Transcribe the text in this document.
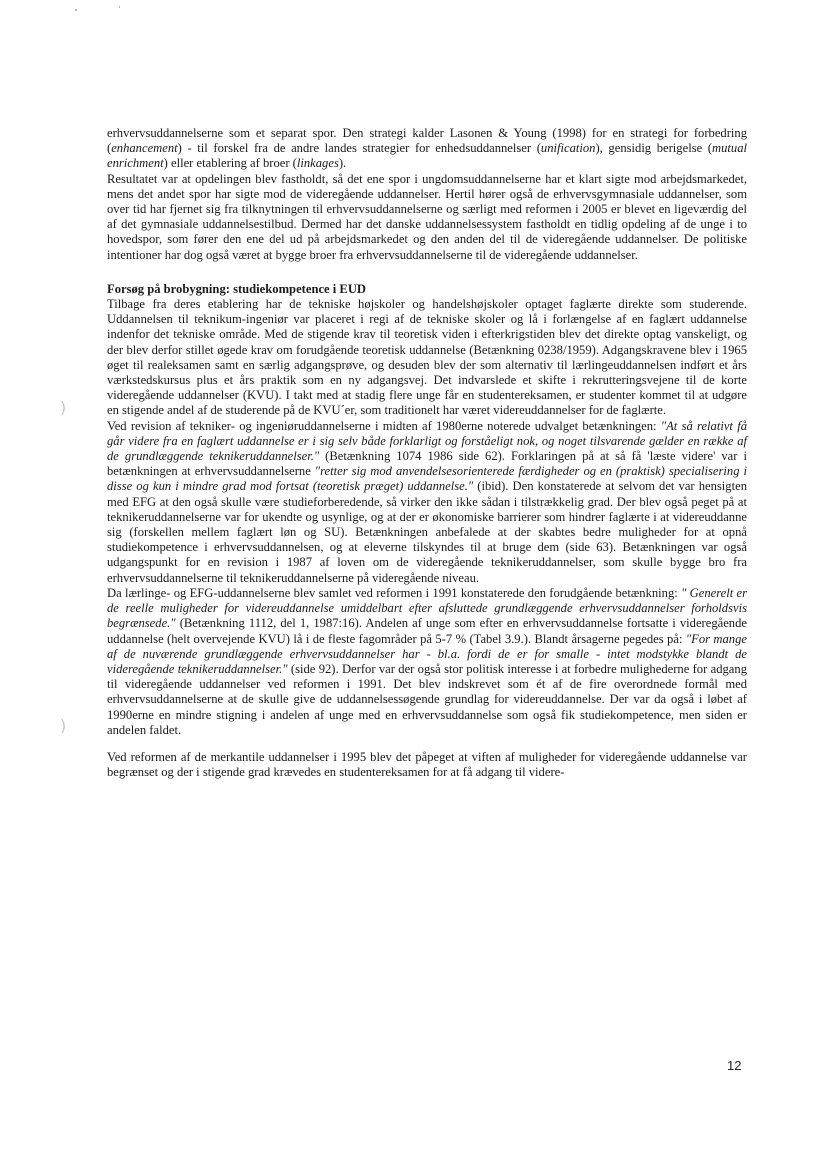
)
)

erhvervsuddannelserne som et separat spor. Den strategi kalder Lasonen & Young (1998) for en strategi for forbedring (enhancement) - til forskel fra de andre landes strategier for enhedsuddannelser (unification), gensidig berigelse (mutual enrichment) eller etablering af broer (linkages).

Resultatet var at opdelingen blev fastholdt, så det ene spor i ungdomsuddannelserne har et klart sigte mod arbejdsmarkedet, mens det andet spor har sigte mod de videregående uddannelser. Hertil hører også de erhvervsgymnasiale uddannelser, som over tid har fjernet sig fra tilknytningen til erhvervsuddannelserne og særligt med reformen i 2005 er blevet en ligeværdig del af det gymnasiale uddannelsestilbud. Dermed har det danske uddannelsessystem fastholdt en tidlig opdeling af de unge i to hovedspor, som fører den ene del ud på arbejdsmarkedet og den anden del til de videregående uddannelser. De politiske intentioner har dog også været at bygge broer fra erhvervsuddannelserne til de videregående uddannelser.

Forsøg på brobygning: studiekompetence i EUD

Tilbage fra deres etablering har de tekniske højskoler og handelshøjskoler optaget faglærte direkte som studerende. Uddannelsen til teknikum-ingeniør var placeret i regi af de tekniske skoler og lå i forlængelse af en faglært uddannelse indenfor det tekniske område. Med de stigende krav til teoretisk viden i efterkrigstiden blev det direkte optag vanskeligt, og der blev derfor stillet øgede krav om forudgående teoretisk uddannelse (Betænkning 0238/1959). Adgangskravene blev i 1965 øget til realeksamen samt en særlig adgangsprøve, og desuden blev der som alternativ til lærlingeuddannelsen indført et års værkstedskursus plus et års praktik som en ny adgangsvej. Det indvarslede et skifte i rekrutteringsvejene til de korte videregående uddannelser (KVU). I takt med at stadig flere unge får en studentereksamen, er studenter kommet til at udgøre en stigende andel af de studerende på de KVU´er, som traditionelt har været videreuddannelser for de faglærte.

Ved revision af tekniker- og ingeniøruddannelserne i midten af 1980erne noterede udvalget betænkningen: "At så relativt få går videre fra en faglært uddannelse er i sig selv både forklarligt og forståeligt nok, og noget tilsvarende gælder en række af de grundlæggende teknikeruddannelser." (Betænkning 1074 1986 side 62). Forklaringen på at så få 'læste videre' var i betænkningen at erhvervsuddannelserne "retter sig mod anvendelsesorienterede færdigheder og en (praktisk) specialisering i disse og kun i mindre grad mod fortsat (teoretisk præget) uddannelse." (ibid). Den konstaterede at selvom det var hensigten med EFG at den også skulle være studieforberedende, så virker den ikke sådan i tilstrækkelig grad. Der blev også peget på at teknikeruddannelserne var for ukendte og usynlige, og at der er økonomiske barrierer som hindrer faglærte i at videreuddanne sig (forskellen mellem faglært løn og SU). Betænkningen anbefalede at der skabtes bedre muligheder for at opnå studiekompetence i erhvervsuddannelsen, og at eleverne tilskyndes til at bruge dem (side 63). Betænkningen var også udgangspunkt for en revision i 1987 af loven om de videregående teknikeruddannelser, som skulle bygge bro fra erhvervsuddannelserne til teknikeruddannelserne på videregående niveau.

Da lærlinge- og EFG-uddannelserne blev samlet ved reformen i 1991 konstaterede den forudgående betænkning: " Generelt er de reelle muligheder for videreuddannelse umiddelbart efter afsluttede grundlæggende erhvervsuddannelser forholdsvis begrænsede." (Betænkning 1112, del 1, 1987:16). Andelen af unge som efter en erhvervsuddannelse fortsatte i videregående uddannelse (helt overvejende KVU) lå i de fleste fagområder på 5-7 % (Tabel 3.9.). Blandt årsagerne pegedes på: "For mange af de nuværende grundlæggende erhvervsuddannelser har - bl.a. fordi de er for smalle - intet modstykke blandt de videregående teknikeruddannelser." (side 92). Derfor var der også stor politisk interesse i at forbedre mulighederne for adgang til videregående uddannelser ved reformen i 1991. Det blev indskrevet som ét af de fire overordnede formål med erhvervsuddannelserne at de skulle give de uddannelsessøgende grundlag for videreuddannelse. Der var da også i løbet af 1990erne en mindre stigning i andelen af unge med en erhvervsuddannelse som også fik studiekompetence, men siden er andelen faldet.

Ved reformen af de merkantile uddannelser i 1995 blev det påpeget at viften af muligheder for videregående uddannelse var begrænset og der i stigende grad krævedes en studentereksamen for at få adgang til videre-

12
